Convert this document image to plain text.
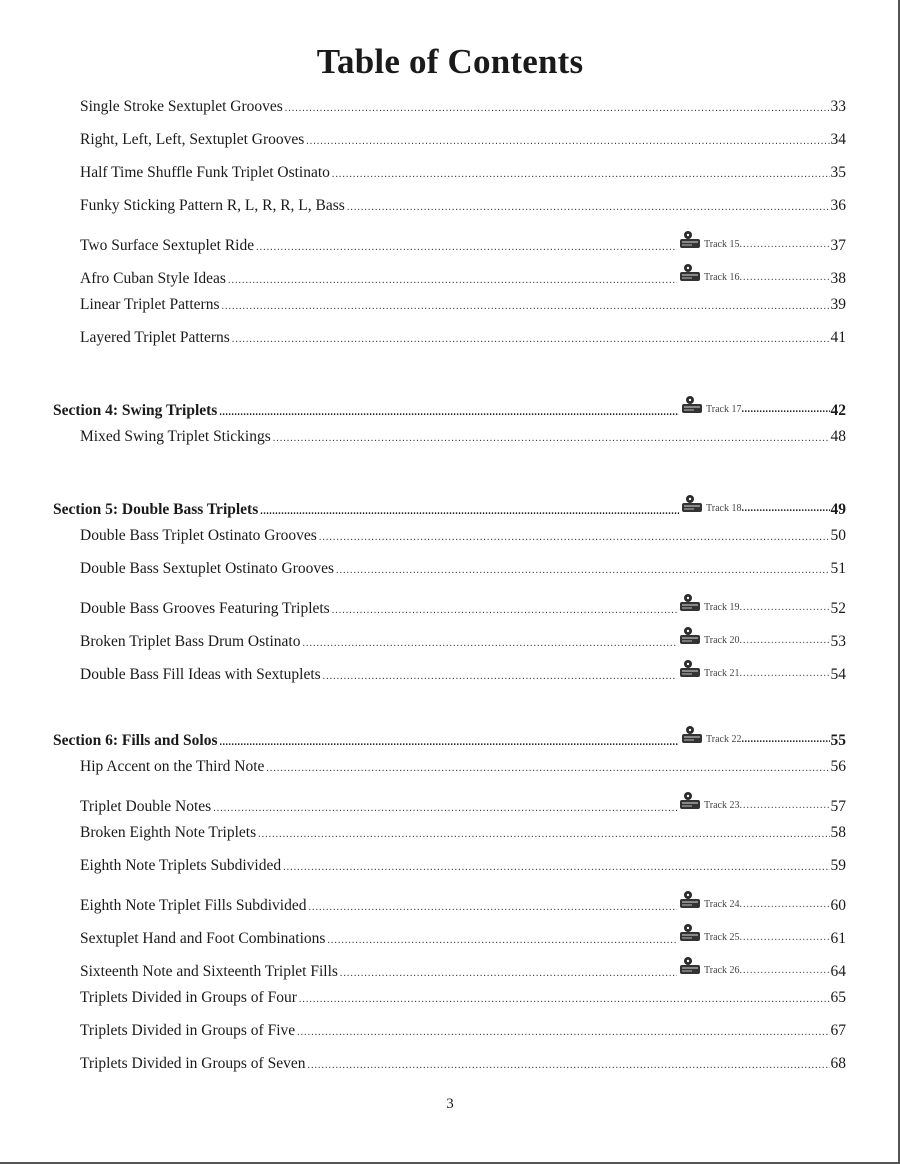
Table of Contents
Single Stroke Sextuplet Grooves .....	33
Right, Left, Left, Sextuplet Grooves .....	34
Half Time Shuffle Funk Triplet Ostinato .....	35
Funky Sticking Pattern R, L, R, R, L, Bass .....	36
Two Surface Sextuplet Ride .....	Track 15 .....	37
Afro Cuban Style Ideas .....	Track 16 .....	38
Linear Triplet Patterns .....	39
Layered Triplet Patterns .....	41
Section 4: Swing Triplets .....	Track 17 .....	42
Mixed Swing Triplet Stickings .....	48
Section 5: Double Bass Triplets .....	Track 18 .....	49
Double Bass Triplet Ostinato Grooves .....	50
Double Bass Sextuplet Ostinato Grooves .....	51
Double Bass Grooves Featuring Triplets .....	Track 19 .....	52
Broken Triplet Bass Drum Ostinato .....	Track 20 .....	53
Double Bass Fill Ideas with Sextuplets .....	Track 21 .....	54
Section 6: Fills and Solos .....	Track 22 .....	55
Hip Accent on the Third Note .....	56
Triplet Double Notes .....	Track 23 .....	57
Broken Eighth Note Triplets .....	58
Eighth Note Triplets Subdivided .....	59
Eighth Note Triplet Fills Subdivided .....	Track 24 .....	60
Sextuplet Hand and Foot Combinations .....	Track 25 .....	61
Sixteenth Note and Sixteenth Triplet Fills .....	Track 26 .....	64
Triplets Divided in Groups of Four .....	65
Triplets Divided in Groups of Five .....	67
Triplets Divided in Groups of Seven .....	68
3
